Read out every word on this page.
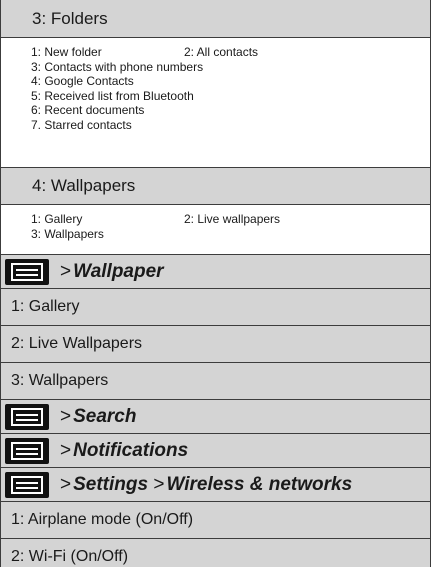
3: Folders
1: New folder	2: All contacts
3: Contacts with phone numbers
4: Google Contacts
5: Received list from Bluetooth
6: Recent documents
7. Starred contacts
4: Wallpapers
1: Gallery	2: Live wallpapers
3: Wallpapers
> Wallpaper
1: Gallery
2: Live Wallpapers
3: Wallpapers
> Search
> Notifications
> Settings > Wireless & networks
1: Airplane mode (On/Off)
2: Wi-Fi (On/Off)
